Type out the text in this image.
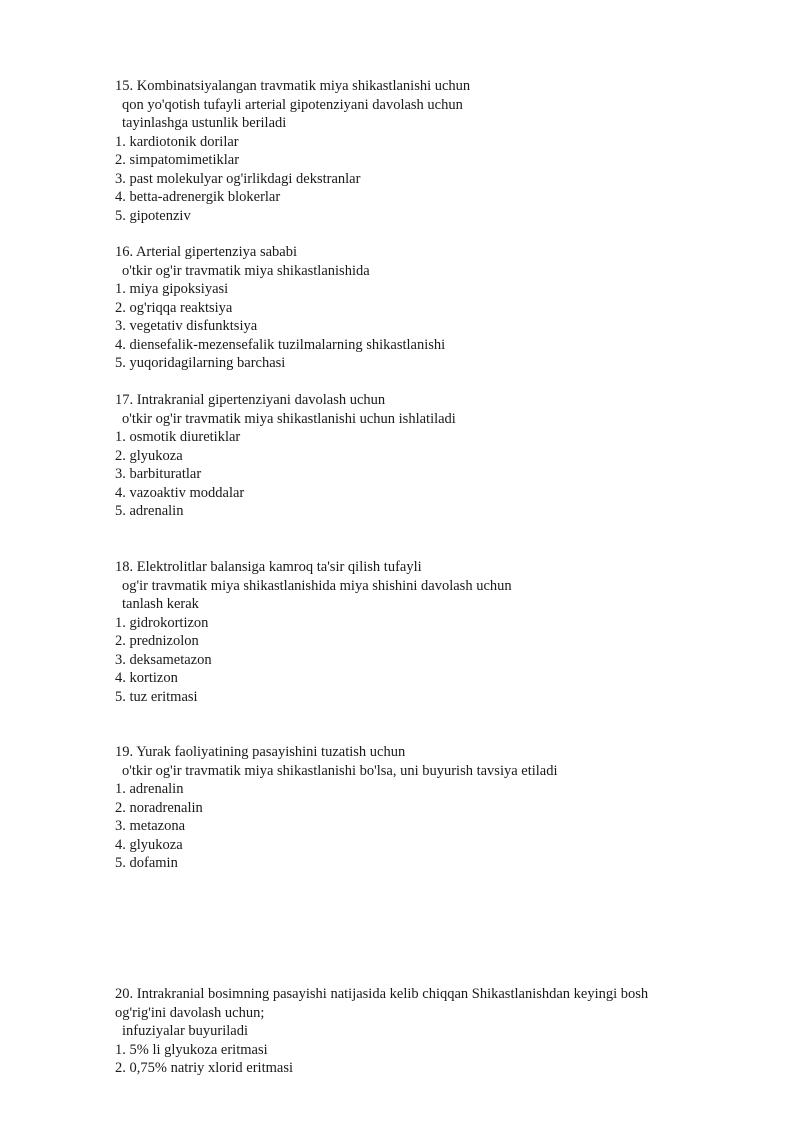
15. Kombinatsiyalangan travmatik miya shikastlanishi uchun
qon yo'qotish tufayli arterial gipotenziyani davolash uchun
tayinlashga ustunlik beriladi
1. kardiotonik dorilar
2. simpatomimetiklar
3. past molekulyar og'irlikdagi dekstranlar
4. betta-adrenergik blokerlar
5. gipotenziv
16. Arterial gipertenziya sababi
o'tkir og'ir travmatik miya shikastlanishida
1. miya gipoksiyasi
2. og'riqqa reaktsiya
3. vegetativ disfunktsiya
4. diensefalik-mezensefalik tuzilmalarning shikastlanishi
5. yuqoridagilarning barchasi
17. Intrakranial gipertenziyani davolash uchun
o'tkir og'ir travmatik miya shikastlanishi uchun ishlatiladi
1. osmotik diuretiklar
2. glyukoza
3. barbituratlar
4. vazoaktiv moddalar
5. adrenalin
18. Elektrolitlar balansiga kamroq ta'sir qilish tufayli
og'ir travmatik miya shikastlanishida miya shishini davolash uchun
tanlash kerak
1. gidrokortizon
2. prednizolon
3. deksametazon
4. kortizon
5. tuz eritmasi
19. Yurak faoliyatining pasayishini tuzatish uchun
o'tkir og'ir travmatik miya shikastlanishi bo'lsa, uni buyurish tavsiya etiladi
1. adrenalin
2. noradrenalin
3. metazona
4. glyukoza
5. dofamin
20. Intrakranial bosimning pasayishi natijasida kelib chiqqan Shikastlanishdan keyingi bosh
og'rig'ini davolash uchun;
infuziyalar buyuriladi
1. 5% li glyukoza eritmasi
2. 0,75% natriy xlorid eritmasi
